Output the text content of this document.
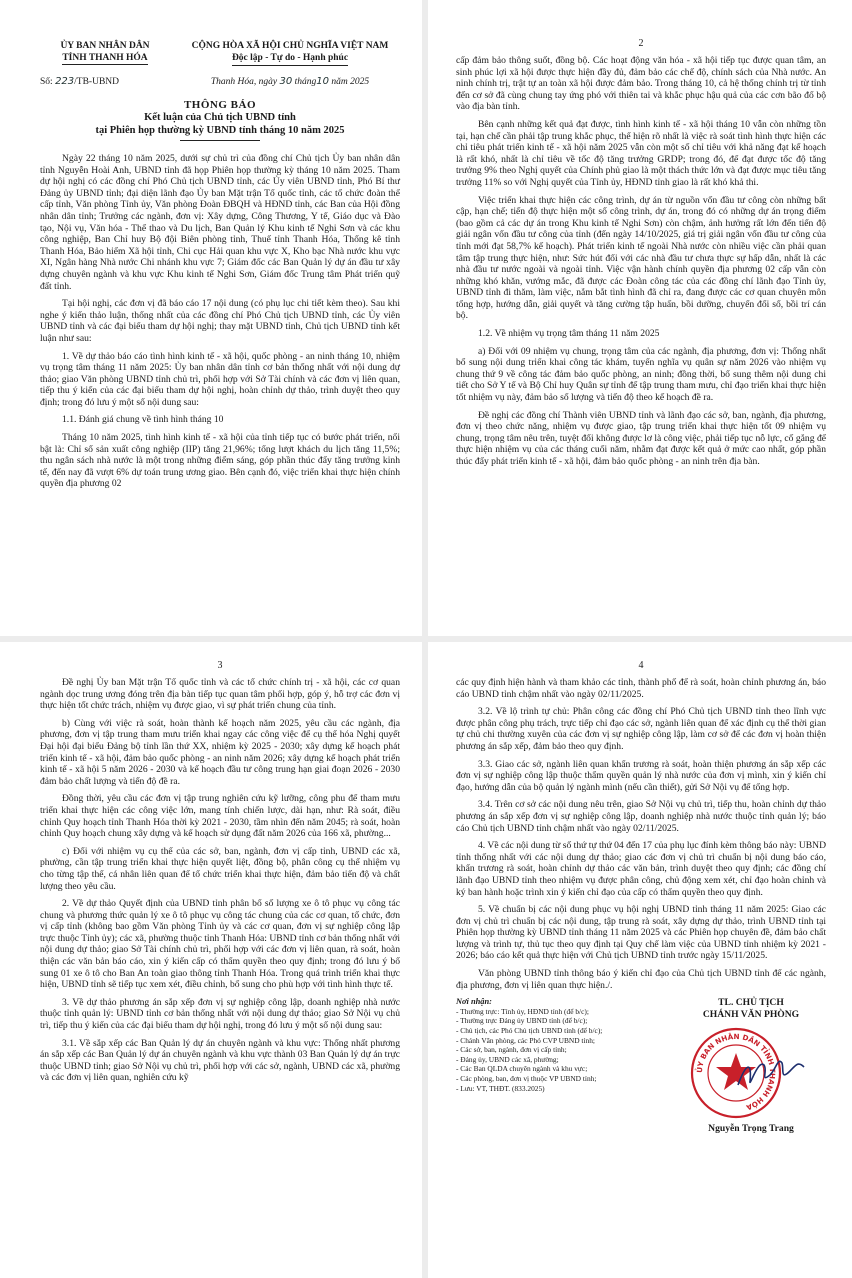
ỦY BAN NHÂN DÂN
TỈNH THANH HÓA
CỘNG HÒA XÃ HỘI CHỦ NGHĨA VIỆT NAM
Độc lập - Tự do - Hạnh phúc
Số: 223/TB-UBND	Thanh Hóa, ngày 30 tháng10 năm 2025
THÔNG BÁO
Kết luận của Chủ tịch UBND tỉnh
tại Phiên họp thường kỳ UBND tỉnh tháng 10 năm 2025

Ngày 22 tháng 10 năm 2025, dưới sự chủ trì của đồng chí Chủ tịch Ủy ban nhân dân tỉnh Nguyễn Hoài Anh, UBND tỉnh đã họp Phiên họp thường kỳ tháng 10 năm 2025. Tham dự hội nghị có các đồng chí Phó Chủ tịch UBND tỉnh, các Ủy viên UBND tỉnh, Phó Bí thư Đảng ủy UBND tỉnh; đại diện lãnh đạo Ủy ban Mặt trận Tổ quốc tỉnh, các tổ chức đoàn thể cấp tỉnh, Văn phòng Tỉnh ủy, Văn phòng Đoàn ĐBQH và HĐND tỉnh, các Ban của Hội đồng nhân dân tỉnh; Trưởng các ngành, đơn vị: Xây dựng, Công Thương, Y tế, Giáo dục và Đào tạo, Nội vụ, Văn hóa - Thể thao và Du lịch, Ban Quản lý Khu kinh tế Nghi Sơn và các khu công nghiệp, Ban Chỉ huy Bộ đội Biên phòng tỉnh, Thuế tỉnh Thanh Hóa, Thống kê tỉnh Thanh Hóa, Bảo hiểm Xã hội tỉnh, Chi cục Hải quan khu vực X, Kho bạc Nhà nước khu vực XI, Ngân hàng Nhà nước Chi nhánh khu vực 7; Giám đốc các Ban Quản lý dự án đầu tư xây dựng chuyên ngành và khu vực Khu kinh tế Nghi Sơn, Giám đốc Trung tâm Phát triển quỹ đất tỉnh.

Tại hội nghị, các đơn vị đã báo cáo 17 nội dung (có phụ lục chi tiết kèm theo). Sau khi nghe ý kiến thảo luận, thống nhất của các đồng chí Phó Chủ tịch UBND tỉnh, các Ủy viên UBND tỉnh và các đại biểu tham dự hội nghị; thay mặt UBND tỉnh, Chủ tịch UBND tỉnh kết luận như sau:

1. Về dự thảo báo cáo tình hình kinh tế - xã hội, quốc phòng - an ninh tháng 10, nhiệm vụ trọng tâm tháng 11 năm 2025: Ủy ban nhân dân tỉnh cơ bản thống nhất với nội dung dự thảo; giao Văn phòng UBND tỉnh chủ trì, phối hợp với Sở Tài chính và các đơn vị liên quan, tiếp thu ý kiến của các đại biểu tham dự hội nghị, hoàn chỉnh dự thảo, trình duyệt theo quy định; trong đó lưu ý một số nội dung sau:

1.1. Đánh giá chung về tình hình tháng 10

Tháng 10 năm 2025, tình hình kinh tế - xã hội của tỉnh tiếp tục có bước phát triển, nổi bật là: Chỉ số sản xuất công nghiệp (IIP) tăng 21,96%; tổng lượt khách du lịch tăng 11,5%; thu ngân sách nhà nước là một trong những điểm sáng, góp phần thúc đẩy tăng trưởng kinh tế, đến nay đã vượt 6% dự toán trung ương giao. Bên cạnh đó, việc triển khai thực hiện chính quyền địa phương 02

2

cấp đảm bảo thông suốt, đồng bộ. Các hoạt động văn hóa - xã hội tiếp tục được quan tâm, an sinh phúc lợi xã hội được thực hiện đầy đủ, đảm bảo các chế độ, chính sách của Nhà nước. An ninh chính trị, trật tự an toàn xã hội được đảm bảo. Trong tháng 10, cả hệ thống chính trị từ tỉnh đến cơ sở đã cùng chung tay ứng phó với thiên tai và khắc phục hậu quả của các cơn bão đổ bộ vào địa bàn tỉnh.

Bên cạnh những kết quả đạt được, tình hình kinh tế - xã hội tháng 10 vẫn còn những tồn tại, hạn chế cần phải tập trung khắc phục, thể hiện rõ nhất là việc rà soát tình hình thực hiện các chỉ tiêu phát triển kinh tế - xã hội năm 2025 vẫn còn một số chỉ tiêu với khả năng đạt kế hoạch là rất khó, nhất là chỉ tiêu về tốc độ tăng trưởng GRDP; trong đó, để đạt được tốc độ tăng trưởng 9% theo Nghị quyết của Chính phủ giao là một thách thức lớn và đạt được mục tiêu tăng trưởng 11% so với Nghị quyết của Tỉnh ủy, HĐND tỉnh giao là rất khó khả thi.

Việc triển khai thực hiện các công trình, dự án từ nguồn vốn đầu tư công còn những bất cập, hạn chế; tiến độ thực hiện một số công trình, dự án, trong đó có những dự án trọng điểm (bao gồm cả các dự án trong Khu kinh tế Nghi Sơn) còn chậm, ảnh hưởng rất lớn đến tiến độ giải ngân vốn đầu tư công của tỉnh (đến ngày 14/10/2025, giá trị giải ngân vốn đầu tư công của tỉnh mới đạt 58,7% kế hoạch). Phát triển kinh tế ngoài Nhà nước còn nhiều việc cần phải quan tâm tập trung thực hiện, như: Sức hút đối với các nhà đầu tư chưa thực sự hấp dẫn, nhất là các nhà đầu tư nước ngoài và ngoài tỉnh. Việc vận hành chính quyền địa phương 02 cấp vẫn còn những khó khăn, vướng mắc, đã được các Đoàn công tác của các đồng chí lãnh đạo Tỉnh ủy, UBND tỉnh đi thăm, làm việc, nắm bắt tình hình đã chỉ ra, đang được các cơ quan chuyên môn tổng hợp, hướng dẫn, giải quyết và tăng cường tập huấn, bồi dưỡng, chuyển đổi số, bồi trí cán bộ.

1.2. Về nhiệm vụ trọng tâm tháng 11 năm 2025

a) Đối với 09 nhiệm vụ chung, trọng tâm của các ngành, địa phương, đơn vị: Thống nhất bổ sung nội dung triển khai công tác khám, tuyển nghĩa vụ quân sự năm 2026 vào nhiệm vụ chung thứ 9 về công tác đảm bảo quốc phòng, an ninh; đồng thời, bổ sung thêm nội dung chi tiết cho Sở Y tế và Bộ Chỉ huy Quân sự tỉnh để tập trung tham mưu, chỉ đạo triển khai thực hiện tốt nhiệm vụ này, đảm bảo số lượng và tiến độ theo kế hoạch đề ra.

Đề nghị các đồng chí Thành viên UBND tỉnh và lãnh đạo các sở, ban, ngành, địa phương, đơn vị theo chức năng, nhiệm vụ được giao, tập trung triển khai thực hiện tốt 09 nhiệm vụ chung, trọng tâm nêu trên, tuyệt đối không được lơ là công việc, phải tiếp tục nỗ lực, cố gắng để thực hiện nhiệm vụ của các tháng cuối năm, nhằm đạt được kết quả ở mức cao nhất, góp phần thúc đẩy phát triển kinh tế - xã hội, đảm bảo quốc phòng - an ninh trên địa bàn.

3

Đề nghị Ủy ban Mặt trận Tổ quốc tỉnh và các tổ chức chính trị - xã hội, các cơ quan ngành dọc trung ương đóng trên địa bàn tiếp tục quan tâm phối hợp, góp ý, hỗ trợ các đơn vị thực hiện tốt chức trách, nhiệm vụ được giao, vì sự phát triển chung của tỉnh.

b) Cùng với việc rà soát, hoàn thành kế hoạch năm 2025, yêu cầu các ngành, địa phương, đơn vị tập trung tham mưu triển khai ngay các công việc để cụ thể hóa Nghị quyết Đại hội đại biểu Đảng bộ tỉnh lần thứ XX, nhiệm kỳ 2025 - 2030; xây dựng kế hoạch phát triển kinh tế - xã hội, đảm bảo quốc phòng - an ninh năm 2026; xây dựng kế hoạch phát triển kinh tế - xã hội 5 năm 2026 - 2030 và kế hoạch đầu tư công trung hạn giai đoạn 2026 - 2030 đảm bảo chất lượng và tiến độ đề ra.

Đồng thời, yêu cầu các đơn vị tập trung nghiên cứu kỹ lưỡng, công phu để tham mưu triển khai thực hiện các công việc lớn, mang tính chiến lược, dài hạn, như: Rà soát, điều chỉnh Quy hoạch tỉnh Thanh Hóa thời kỳ 2021 - 2030, tầm nhìn đến năm 2045; rà soát, hoàn chỉnh Quy hoạch chung xây dựng và kế hoạch sử dụng đất năm 2026 của 166 xã, phường...

c) Đối với nhiệm vụ cụ thể của các sở, ban, ngành, đơn vị cấp tỉnh, UBND các xã, phường, cần tập trung triển khai thực hiện quyết liệt, đồng bộ, phân công cụ thể nhiệm vụ cho từng tập thể, cá nhân liên quan để tổ chức triển khai thực hiện, đảm bảo tiến độ và chất lượng theo yêu cầu.

2. Về dự thảo Quyết định của UBND tỉnh phân bổ số lượng xe ô tô phục vụ công tác chung và phương thức quản lý xe ô tô phục vụ công tác chung của các cơ quan, tổ chức, đơn vị cấp tỉnh (không bao gồm Văn phòng Tỉnh ủy và các cơ quan, đơn vị sự nghiệp công lập trực thuộc Tỉnh ủy); các xã, phường thuộc tỉnh Thanh Hóa: UBND tỉnh cơ bản thống nhất với nội dung dự thảo; giao Sở Tài chính chủ trì, phối hợp với các đơn vị liên quan, rà soát, hoàn thiện các văn bản báo cáo, xin ý kiến cấp có thẩm quyền theo quy định; trong đó lưu ý bổ sung 01 xe ô tô cho Ban An toàn giao thông tỉnh Thanh Hóa. Trong quá trình triển khai thực hiện, UBND tỉnh sẽ tiếp tục xem xét, điều chỉnh, bổ sung cho phù hợp với tình hình thực tế.

3. Về dự thảo phương án sắp xếp đơn vị sự nghiệp công lập, doanh nghiệp nhà nước thuộc tỉnh quản lý: UBND tỉnh cơ bản thống nhất với nội dung dự thảo; giao Sở Nội vụ chủ trì, tiếp thu ý kiến của các đại biểu tham dự hội nghị, trong đó lưu ý một số nội dung sau:

3.1. Về sắp xếp các Ban Quản lý dự án chuyên ngành và khu vực: Thống nhất phương án sắp xếp các Ban Quản lý dự án chuyên ngành và khu vực thành 03 Ban Quản lý dự án trực thuộc UBND tỉnh; giao Sở Nội vụ chủ trì, phối hợp với các sở, ngành, UBND các xã, phường và các đơn vị liên quan, nghiên cứu kỹ

4

các quy định hiện hành và tham khảo các tỉnh, thành phố để rà soát, hoàn chỉnh phương án, báo cáo UBND tỉnh chậm nhất vào ngày 02/11/2025.

3.2. Về lộ trình tự chủ: Phân công các đồng chí Phó Chủ tịch UBND tỉnh theo lĩnh vực được phân công phụ trách, trực tiếp chỉ đạo các sở, ngành liên quan để xác định cụ thể thời gian tự chủ chi thường xuyên của các đơn vị sự nghiệp công lập, làm cơ sở để các đơn vị hoàn thiện phương án sắp xếp, đảm bảo theo quy định.

3.3. Giao các sở, ngành liên quan khẩn trương rà soát, hoàn thiện phương án sắp xếp các đơn vị sự nghiệp công lập thuộc thẩm quyền quản lý nhà nước của đơn vị mình, xin ý kiến chỉ đạo, hướng dẫn của bộ quản lý ngành mình (nếu cần thiết), gửi Sở Nội vụ để tổng hợp.

3.4. Trên cơ sở các nội dung nêu trên, giao Sở Nội vụ chủ trì, tiếp thu, hoàn chỉnh dự thảo phương án sắp xếp đơn vị sự nghiệp công lập, doanh nghiệp nhà nước thuộc tỉnh quản lý; báo cáo Chủ tịch UBND tỉnh chậm nhất vào ngày 02/11/2025.

4. Về các nội dung từ số thứ tự thứ 04 đến 17 của phụ lục đính kèm thông báo này: UBND tỉnh thống nhất với các nội dung dự thảo; giao các đơn vị chủ trì chuẩn bị nội dung báo cáo, khẩn trương rà soát, hoàn chỉnh dự thảo các văn bản, trình duyệt theo quy định; các đồng chí lãnh đạo UBND tỉnh theo nhiệm vụ được phân công, chủ động xem xét, chỉ đạo hoàn chỉnh và ký ban hành hoặc trình xin ý kiến chỉ đạo của cấp có thẩm quyền theo quy định.

5. Về chuẩn bị các nội dung phục vụ hội nghị UBND tỉnh tháng 11 năm 2025: Giao các đơn vị chủ trì chuẩn bị các nội dung, tập trung rà soát, xây dựng dự thảo, trình UBND tỉnh tại Phiên họp thường kỳ UBND tỉnh tháng 11 năm 2025 và các Phiên họp chuyên đề, đảm bảo chất lượng và trình tự, thủ tục theo quy định tại Quy chế làm việc của UBND tỉnh nhiệm kỳ 2021 - 2026; báo cáo kết quả thực hiện với Chủ tịch UBND tỉnh trước ngày 15/11/2025.

Văn phòng UBND tỉnh thông báo ý kiến chỉ đạo của Chủ tịch UBND tỉnh để các ngành, địa phương, đơn vị liên quan thực hiện./.

Nơi nhận:
- Thường trực: Tỉnh ủy, HĐND tỉnh (để b/c);
- Thường trực Đảng ủy UBND tỉnh (để b/c);
- Chủ tịch, các Phó Chủ tịch UBND tỉnh (để b/c);
- Chánh Văn phòng, các Phó CVP UBND tỉnh;
- Các sở, ban, ngành, đơn vị cấp tỉnh;
- Đảng ủy, UBND các xã, phường;
- Các Ban QLDA chuyên ngành và khu vực;
- Các phòng, ban, đơn vị thuộc VP UBND tỉnh;
- Lưu: VT, THĐT. (833.2025)
TL. CHỦ TỊCH
CHÁNH VĂN PHÒNG
ỦY BAN NHÂN DÂN TỈNH THANH HÓA
Nguyễn Trọng Trang
